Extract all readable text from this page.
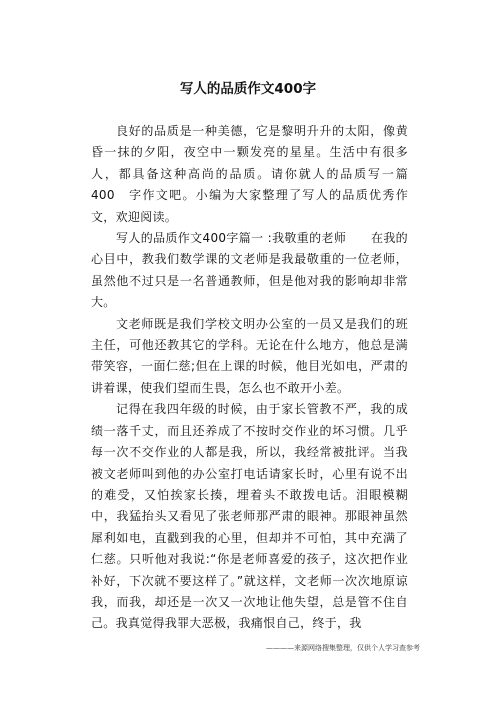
写人的品质作文400字

良好的品质是一种美德，它是黎明升升的太阳，像黄昏一抹的夕阳，夜空中一颗发亮的星星。生活中有很多人，都具备这种高尚的品质。请你就人的品质写一篇　400　字作文吧。小编为大家整理了写人的品质优秀作文，欢迎阅读。

写人的品质作文400字篇一 :我敬重的老师　　在我的心目中，教我们数学课的文老师是我最敬重的一位老师，虽然他不过只是一名普通教师，但是他对我的影响却非常大。

文老师既是我们学校文明办公室的一员又是我们的班主任，可他还教其它的学科。无论在什么地方，他总是满带笑容，一面仁慈;但在上课的时候，他目光如电，严肃的讲着课，使我们望而生畏，怎么也不敢开小差。

记得在我四年级的时候，由于家长管教不严，我的成绩一落千丈，而且还养成了不按时交作业的坏习惯。几乎每一次不交作业的人都是我，所以，我经常被批评。当我被文老师叫到他的办公室打电话请家长时，心里有说不出的难受，又怕挨家长揍，埋着头不敢拨电话。泪眼模糊中，我猛抬头又看见了张老师那严肃的眼神。那眼神虽然犀利如电，直戳到我的心里，但却并不可怕，其中充满了仁慈。只听他对我说:“你是老师喜爱的孩子，这次把作业补好，下次就不要这样了。”就这样，文老师一次次地原谅我，而我，却还是一次又一次地让他失望，总是管不住自己。我真觉得我罪大恶极，我痛恨自己，终于，我

————来源网络搜集整理，仅供个人学习查参考
